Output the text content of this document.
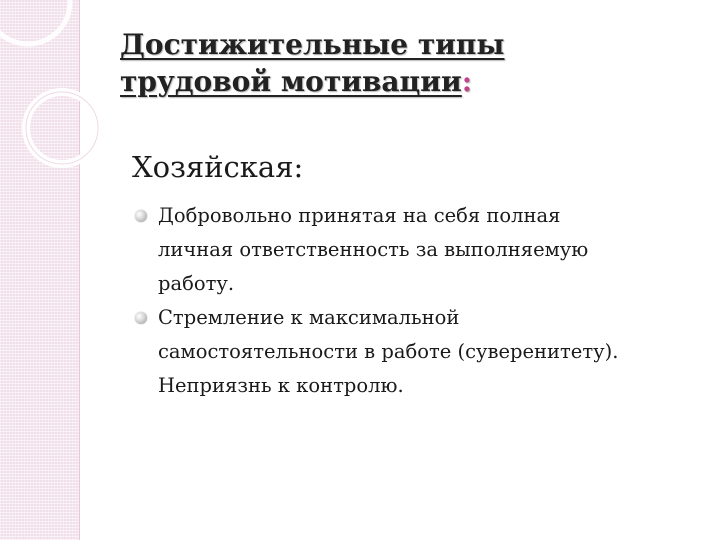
Достижительные типы
трудовой мотивации:
Хозяйская:
Добровольно принятая на себя полная
личная ответственность за выполняемую
работу.
Стремление к максимальной
самостоятельности в работе (суверенитету).
Неприязнь к контролю.
